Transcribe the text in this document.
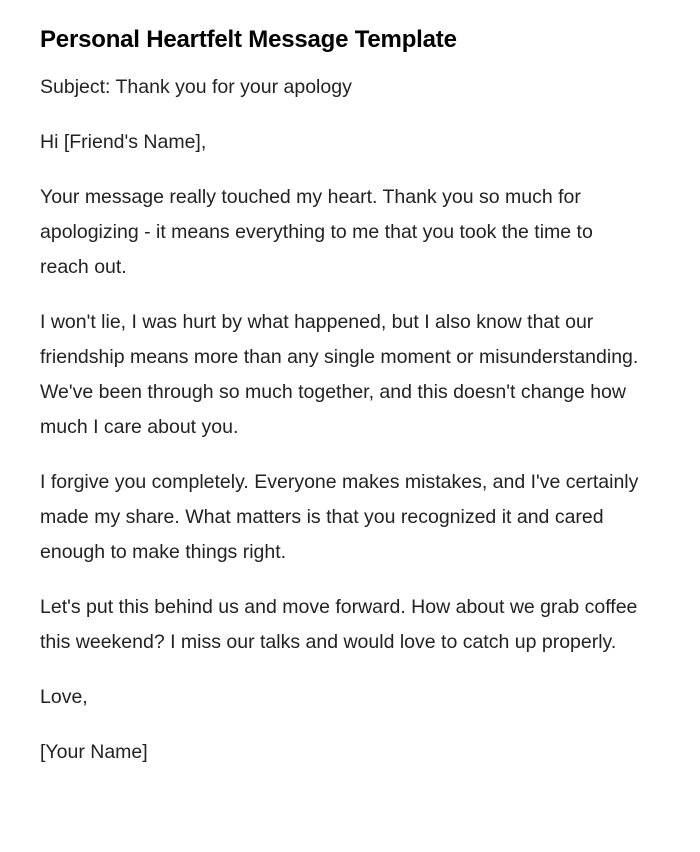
Personal Heartfelt Message Template

Subject: Thank you for your apology

Hi [Friend's Name],

Your message really touched my heart. Thank you so much for apologizing - it means everything to me that you took the time to reach out.

I won't lie, I was hurt by what happened, but I also know that our friendship means more than any single moment or misunderstanding. We've been through so much together, and this doesn't change how much I care about you.

I forgive you completely. Everyone makes mistakes, and I've certainly made my share. What matters is that you recognized it and cared enough to make things right.

Let's put this behind us and move forward. How about we grab coffee this weekend? I miss our talks and would love to catch up properly.

Love,

[Your Name]
